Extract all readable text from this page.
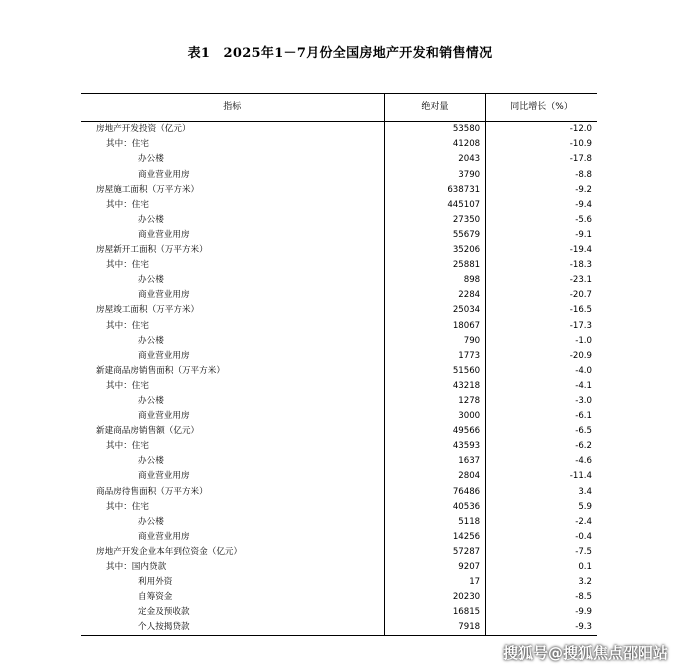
表1　2025年1－7月份全国房地产开发和销售情况
指标	绝对量	同比增长（%）
房地产开发投资（亿元）	53580	-12.0
其中：住宅	41208	-10.9
办公楼	2043	-17.8
商业营业用房	3790	-8.8
房屋施工面积（万平方米）	638731	-9.2
其中：住宅	445107	-9.4
办公楼	27350	-5.6
商业营业用房	55679	-9.1
房屋新开工面积（万平方米）	35206	-19.4
其中：住宅	25881	-18.3
办公楼	898	-23.1
商业营业用房	2284	-20.7
房屋竣工面积（万平方米）	25034	-16.5
其中：住宅	18067	-17.3
办公楼	790	-1.0
商业营业用房	1773	-20.9
新建商品房销售面积（万平方米）	51560	-4.0
其中：住宅	43218	-4.1
办公楼	1278	-3.0
商业营业用房	3000	-6.1
新建商品房销售额（亿元）	49566	-6.5
其中：住宅	43593	-6.2
办公楼	1637	-4.6
商业营业用房	2804	-11.4
商品房待售面积（万平方米）	76486	3.4
其中：住宅	40536	5.9
办公楼	5118	-2.4
商业营业用房	14256	-0.4
房地产开发企业本年到位资金（亿元）	57287	-7.5
其中：国内贷款	9207	0.1
利用外资	17	3.2
自筹资金	20230	-8.5
定金及预收款	16815	-9.9
个人按揭贷款	7918	-9.3
搜狐号@搜狐焦点邵阳站
